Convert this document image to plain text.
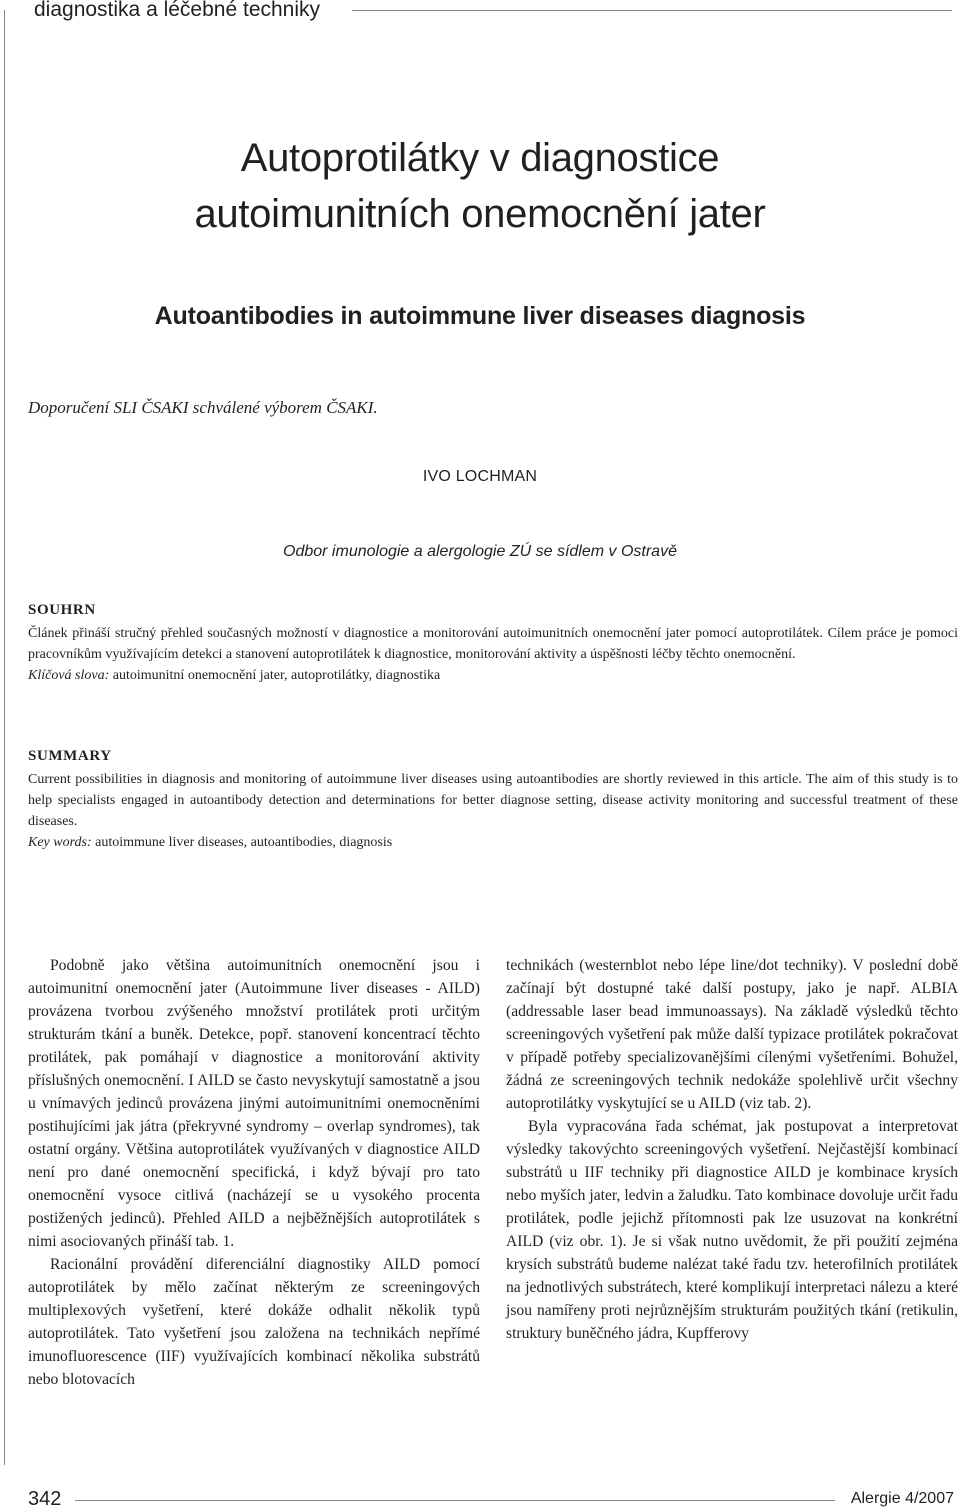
diagnostika a léčebné techniky
Autoprotilátky v diagnostice
autoimunitních onemocnění jater
Autoantibodies in autoimmune liver diseases diagnosis
Doporučení SLI ČSAKI schválené výborem ČSAKI.
IVO LOCHMAN
Odbor imunologie a alergologie ZÚ se sídlem v Ostravě
SOUHRN

Článek přináší stručný přehled současných možností v diagnostice a monitorování autoimunitních onemocnění jater pomocí autoprotilátek. Cílem práce je pomoci pracovníkům využívajícím detekci a stanovení autoprotilátek k diagnostice, monitorování aktivity a úspěšnosti léčby těchto onemocnění.

Klíčová slova: autoimunitní onemocnění jater, autoprotilátky, diagnostika

SUMMARY

Current possibilities in diagnosis and monitoring of autoimmune liver diseases using autoantibodies are shortly reviewed in this article. The aim of this study is to help specialists engaged in autoantibody detection and determinations for better diagnose setting, disease activity monitoring and successful treatment of these diseases.

Key words: autoimmune liver diseases, autoantibodies, diagnosis

Podobně jako většina autoimunitních onemocnění jsou i autoimunitní onemocnění jater (Autoimmune liver diseases - AILD) provázena tvorbou zvýšeného množství protilátek proti určitým strukturám tkání a buněk. Detekce, popř. stanovení koncentrací těchto protilátek, pak pomáhají v diagnostice a monitorování aktivity příslušných onemocnění. I AILD se často nevyskytují samostatně a jsou u vnímavých jedinců provázena jinými autoimunitními onemocněními postihujícími jak játra (překryvné syndromy – overlap syndromes), tak ostatní orgány. Většina autoprotilátek využívaných v diagnostice AILD není pro dané onemocnění specifická, i když bývají pro tato onemocnění vysoce citlivá (nacházejí se u vysokého procenta postižených jedinců). Přehled AILD a nejběžnějších autoprotilátek s nimi asociovaných přináší tab. 1.

Racionální provádění diferenciální diagnostiky AILD pomocí autoprotilátek by mělo začínat některým ze screeningových multiplexových vyšetření, které dokáže odhalit několik typů autoprotilátek. Tato vyšetření jsou založena na technikách nepřímé imunofluorescence (IIF) využívajících kombinací několika substrátů nebo blotovacích

technikách (westernblot nebo lépe line/dot techniky). V poslední době začínají být dostupné také další postupy, jako je např. ALBIA (addressable laser bead immunoassays). Na základě výsledků těchto screeningových vyšetření pak může další typizace protilátek pokračovat v případě potřeby specializovanějšími cílenými vyšetřeními. Bohužel, žádná ze screeningových technik nedokáže spolehlivě určit všechny autoprotilátky vyskytující se u AILD (viz tab. 2).

Byla vypracována řada schémat, jak postupovat a interpretovat výsledky takovýchto screeningových vyšetření. Nejčastější kombinací substrátů u IIF techniky při diagnostice AILD je kombinace krysích nebo myších jater, ledvin a žaludku. Tato kombinace dovoluje určit řadu protilátek, podle jejichž přítomnosti pak lze usuzovat na konkrétní AILD (viz obr. 1). Je si však nutno uvědomit, že při použití zejména krysích substrátů budeme nalézat také řadu tzv. heterofilních protilátek na jednotlivých substrátech, které komplikují interpretaci nálezu a které jsou namířeny proti nejrůznějším strukturám použitých tkání (retikulin, struktury buněčného jádra, Kupfferovy

342	Alergie 4/2007
